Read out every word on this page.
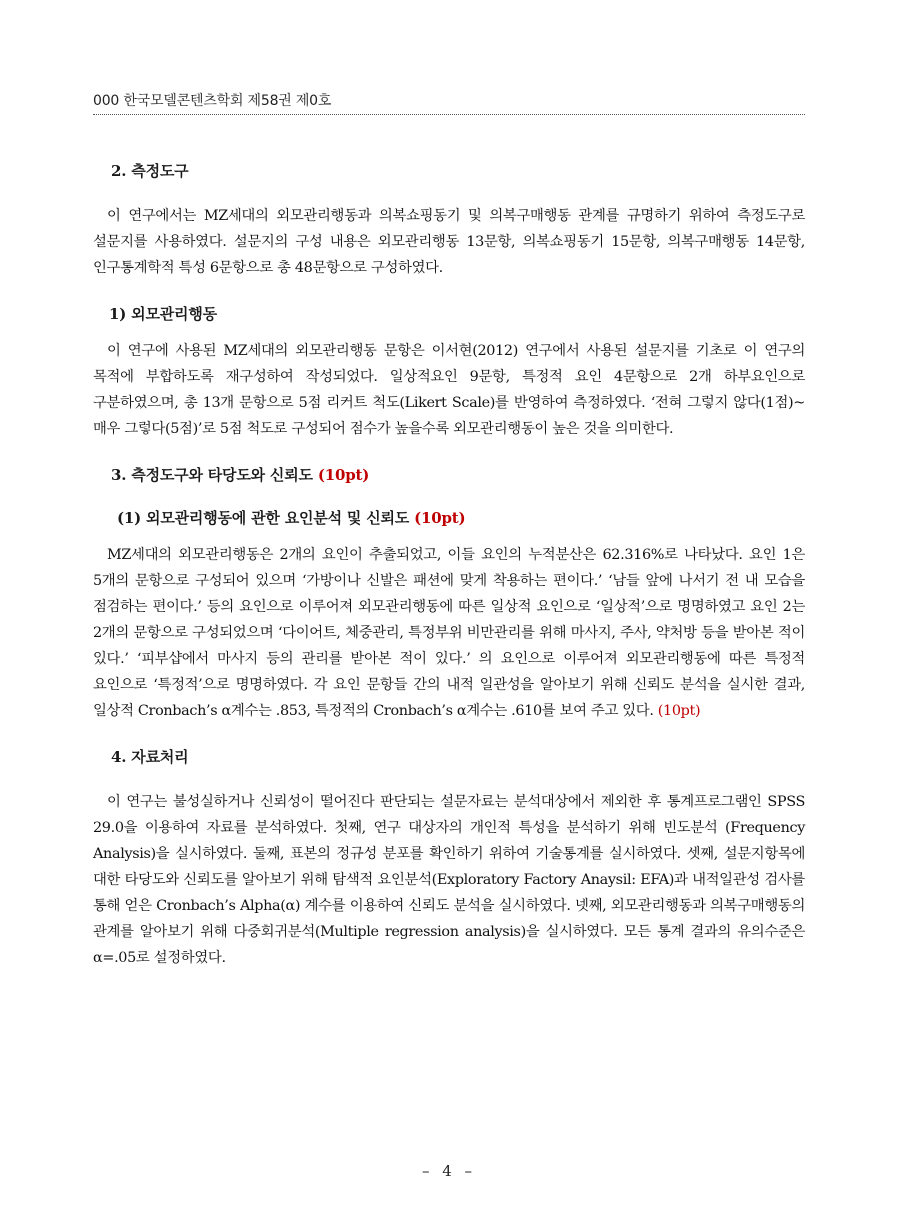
000 한국모델콘텐츠학회 제58권 제0호
2. 측정도구

이 연구에서는 MZ세대의 외모관리행동과 의복쇼핑동기 및 의복구매행동 관계를 규명하기 위하여 측정도구로 설문지를 사용하였다. 설문지의 구성 내용은 외모관리행동 13문항, 의복쇼핑동기 15문항, 의복구매행동 14문항, 인구통계학적 특성 6문항으로 총 48문항으로 구성하였다.

1) 외모관리행동

이 연구에 사용된 MZ세대의 외모관리행동 문항은 이서현(2012) 연구에서 사용된 설문지를 기초로 이 연구의 목적에 부합하도록 재구성하여 작성되었다. 일상적요인 9문항, 특정적 요인 4문항으로 2개 하부요인으로 구분하였으며, 총 13개 문항으로 5점 리커트 척도(Likert Scale)를 반영하여 측정하였다. ‘전혀 그렇지 않다(1점)~ 매우 그렇다(5점)’로 5점 척도로 구성되어 점수가 높을수록 외모관리행동이 높은 것을 의미한다.

3. 측정도구와 타당도와 신뢰도 (10pt)
(1) 외모관리행동에 관한 요인분석 및 신뢰도 (10pt)

MZ세대의 외모관리행동은 2개의 요인이 추출되었고, 이들 요인의 누적분산은 62.316%로 나타났다. 요인 1은 5개의 문항으로 구성되어 있으며 ‘가방이나 신발은 패션에 맞게 착용하는 편이다.’ ‘남들 앞에 나서기 전 내 모습을 점검하는 편이다.’ 등의 요인으로 이루어져 외모관리행동에 따른 일상적 요인으로 ‘일상적’으로 명명하였고 요인 2는 2개의 문항으로 구성되었으며 ‘다이어트, 체중관리, 특정부위 비만관리를 위해 마사지, 주사, 약처방 등을 받아본 적이 있다.’ ‘피부샵에서 마사지 등의 관리를 받아본 적이 있다.’ 의 요인으로 이루어져 외모관리행동에 따른 특정적 요인으로 ‘특정적’으로 명명하였다. 각 요인 문항들 간의 내적 일관성을 알아보기 위해 신뢰도 분석을 실시한 결과, 일상적 Cronbach’s α계수는 .853, 특정적의 Cronbach’s α계수는 .610를 보여 주고 있다. (10pt)

4. 자료처리

이 연구는 불성실하거나 신뢰성이 떨어진다 판단되는 설문자료는 분석대상에서 제외한 후 통계프로그램인 SPSS 29.0을 이용하여 자료를 분석하였다. 첫째, 연구 대상자의 개인적 특성을 분석하기 위해 빈도분석 (Frequency Analysis)을 실시하였다. 둘째, 표본의 정규성 분포를 확인하기 위하여 기술통계를 실시하였다. 셋째, 설문지항목에 대한 타당도와 신뢰도를 알아보기 위해 탐색적 요인분석(Exploratory Factory Anaysil: EFA)과 내적일관성 검사를 통해 얻은 Cronbach’s Alpha(α) 계수를 이용하여 신뢰도 분석을 실시하였다. 넷째, 외모관리행동과 의복구매행동의 관계를 알아보기 위해 다중회귀분석(Multiple regression analysis)을 실시하였다. 모든 통계 결과의 유의수준은 α=.05로 설정하였다.

– 4 –
